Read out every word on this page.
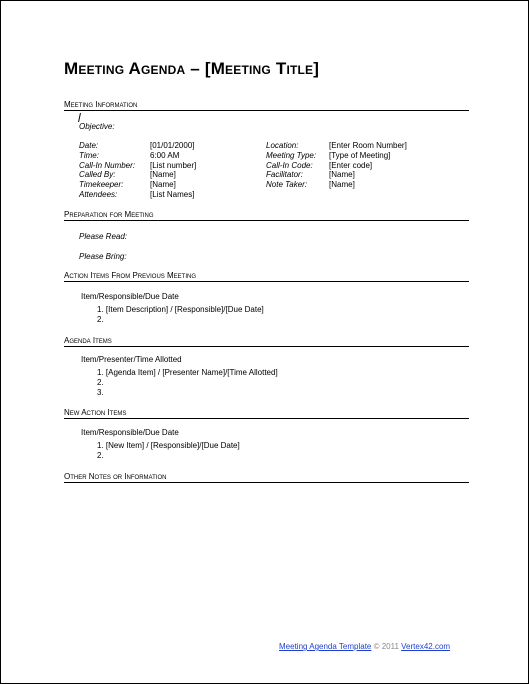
Meeting Agenda – [Meeting Title]
Meeting Information
Objective:
Date:	[01/01/2000]
Time:	6:00 AM
Call-In Number:	[List number]
Called By:	[Name]
Timekeeper:	[Name]
Attendees:	[List Names]
Location:	[Enter Room Number]
Meeting Type:	[Type of Meeting]
Call-In Code:	[Enter code]
Facilitator:	[Name]
Note Taker:	[Name]
Preparation for Meeting
Please Read:
Please Bring:
Action Items From Previous Meeting
Item/Responsible/Due Date
1. [Item Description] / [Responsible]/[Due Date]
2.
Agenda Items
Item/Presenter/Time Allotted
1. [Agenda Item] / [Presenter Name]/[Time Allotted]
2.
3.
New Action Items
Item/Responsible/Due Date
1. [New Item] / [Responsible]/[Due Date]
2.
Other Notes or Information
Meeting Agenda Template © 2011 Vertex42.com
